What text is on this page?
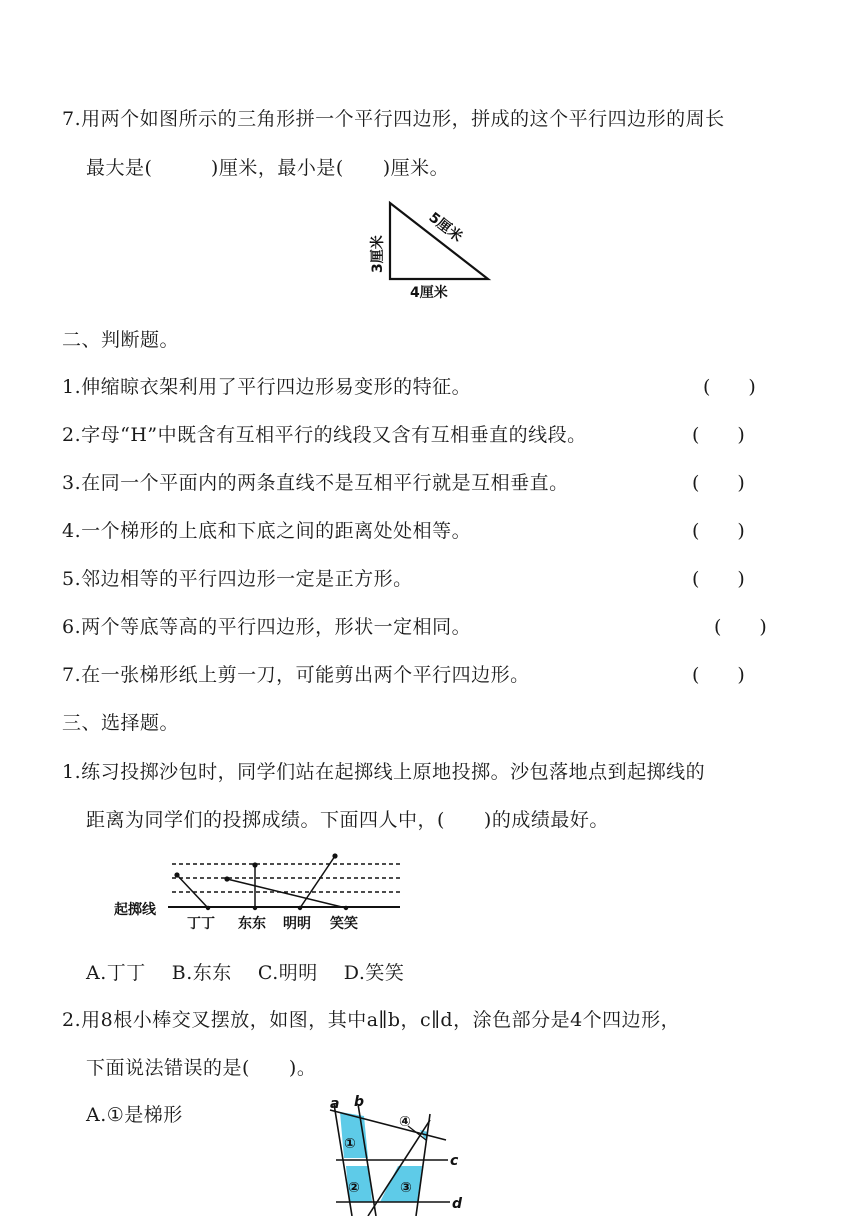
7.用两个如图所示的三角形拼一个平行四边形，拼成的这个平行四边形的周长
最大是(　　　)厘米，最小是(　　)厘米。
3厘米
5厘米
4厘米
二、判断题。
1.伸缩晾衣架利用了平行四边形易变形的特征。	(　　)
2.字母“H”中既含有互相平行的线段又含有互相垂直的线段。	(　　)
3.在同一个平面内的两条直线不是互相平行就是互相垂直。	(　　)
4.一个梯形的上底和下底之间的距离处处相等。	(　　)
5.邻边相等的平行四边形一定是正方形。	(　　)
6.两个等底等高的平行四边形，形状一定相同。	(　　)
7.在一张梯形纸上剪一刀，可能剪出两个平行四边形。	(　　)
三、选择题。
1.练习投掷沙包时，同学们站在起掷线上原地投掷。沙包落地点到起掷线的
距离为同学们的投掷成绩。下面四人中，(　　)的成绩最好。
起掷线
丁丁 东东 明明 笑笑
A.丁丁　 B.东东　 C.明明　 D.笑笑
2.用8根小棒交叉摆放，如图，其中a∥b，c∥d，涂色部分是4个四边形，
下面说法错误的是(　　)。
A.①是梯形	a b
c
d
①
②	③
④
